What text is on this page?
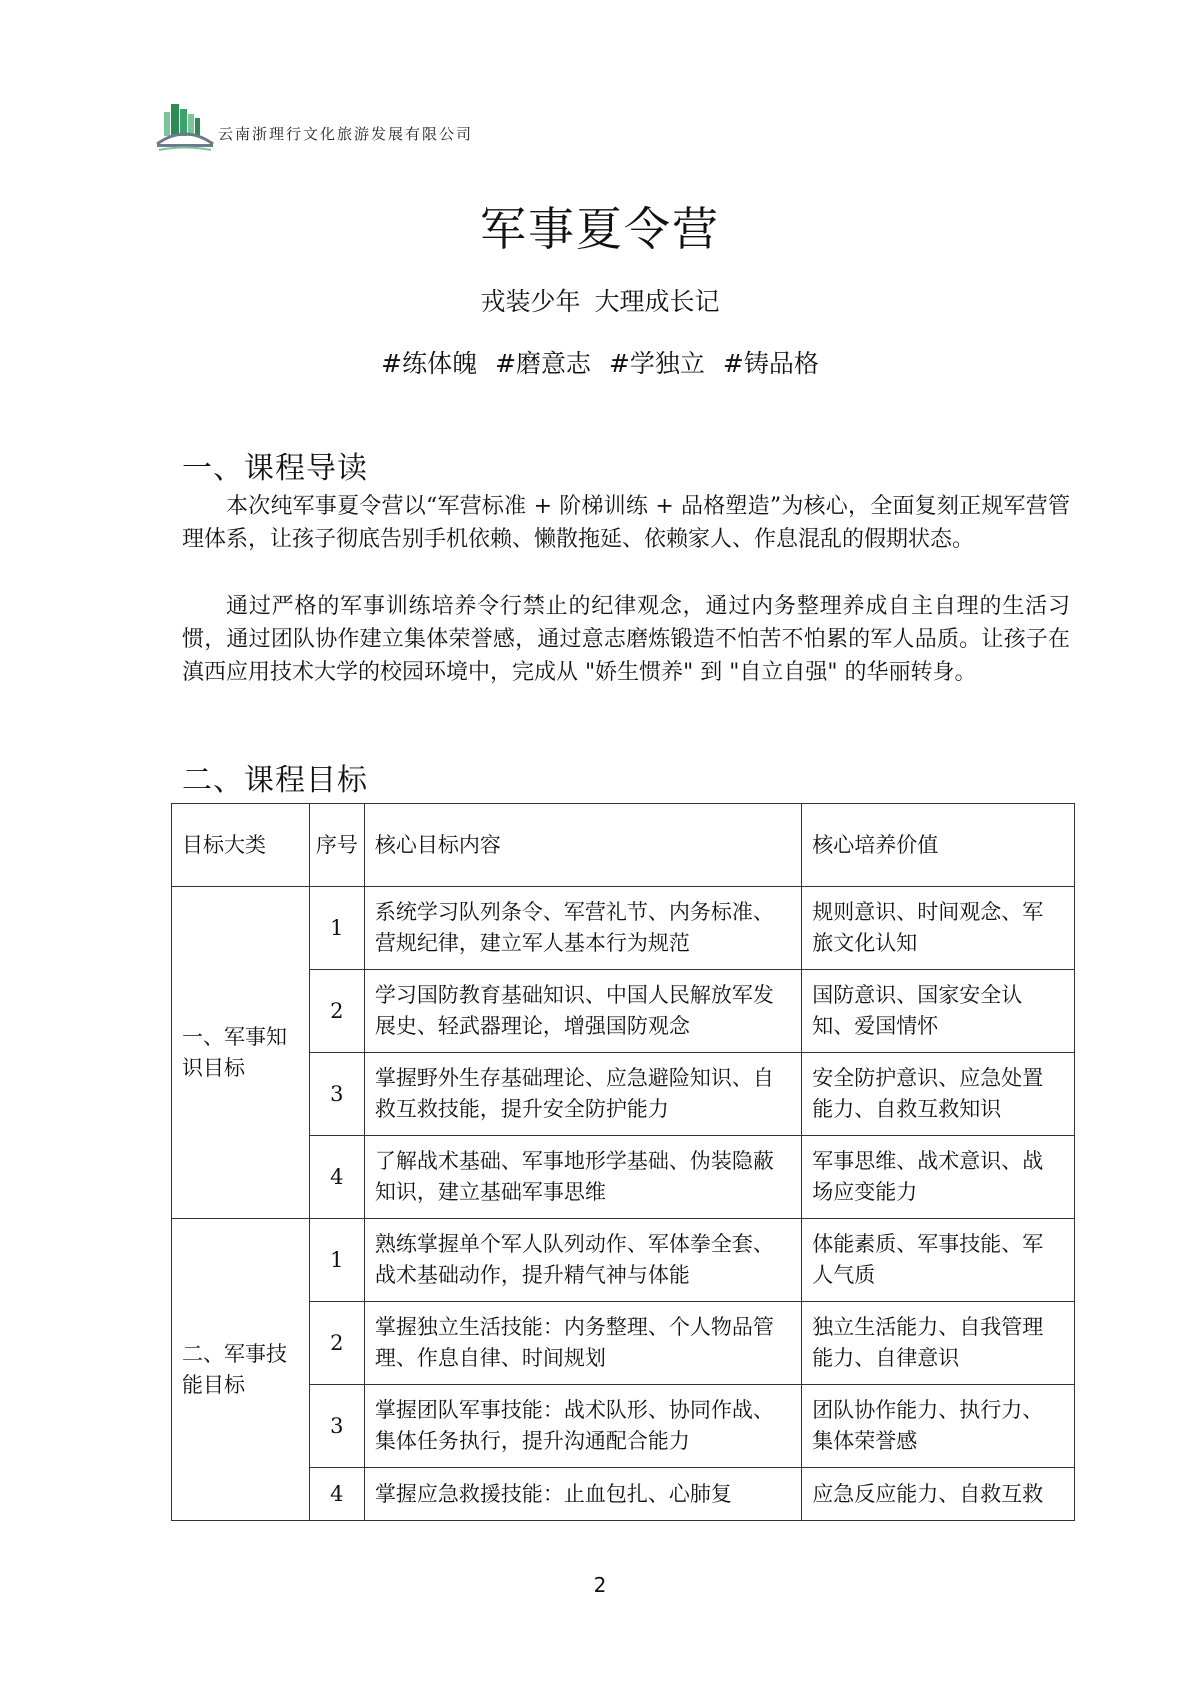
云南浙理行文化旅游发展有限公司
军事夏令营
戎装少年 大理成长记
#练体魄 #磨意志 #学独立 #铸品格
一、课程导读

本次纯军事夏令营以“军营标准 + 阶梯训练 + 品格塑造”为核心，全面复刻正规军营管理体系，让孩子彻底告别手机依赖、懒散拖延、依赖家人、作息混乱的假期状态。

通过严格的军事训练培养令行禁止的纪律观念，通过内务整理养成自主自理的生活习惯，通过团队协作建立集体荣誉感，通过意志磨炼锻造不怕苦不怕累的军人品质。让孩子在滇西应用技术大学的校园环境中，完成从 "娇生惯养" 到 "自立自强" 的华丽转身。

二、课程目标
目标大类	序号	核心目标内容	核心培养价值
一、军事知识目标	1	系统学习队列条令、军营礼节、内务标准、营规纪律，建立军人基本行为规范	规则意识、时间观念、军旅文化认知
	2	学习国防教育基础知识、中国人民解放军发展史、轻武器理论，增强国防观念	国防意识、国家安全认知、爱国情怀
	3	掌握野外生存基础理论、应急避险知识、自救互救技能，提升安全防护能力	安全防护意识、应急处置能力、自救互救知识
	4	了解战术基础、军事地形学基础、伪装隐蔽知识，建立基础军事思维	军事思维、战术意识、战场应变能力
二、军事技能目标	1	熟练掌握单个军人队列动作、军体拳全套、战术基础动作，提升精气神与体能	体能素质、军事技能、军人气质
	2	掌握独立生活技能：内务整理、个人物品管理、作息自律、时间规划	独立生活能力、自我管理能力、自律意识
	3	掌握团队军事技能：战术队形、协同作战、集体任务执行，提升沟通配合能力	团队协作能力、执行力、集体荣誉感
	4	掌握应急救援技能：止血包扎、心肺复	应急反应能力、自救互救
2
